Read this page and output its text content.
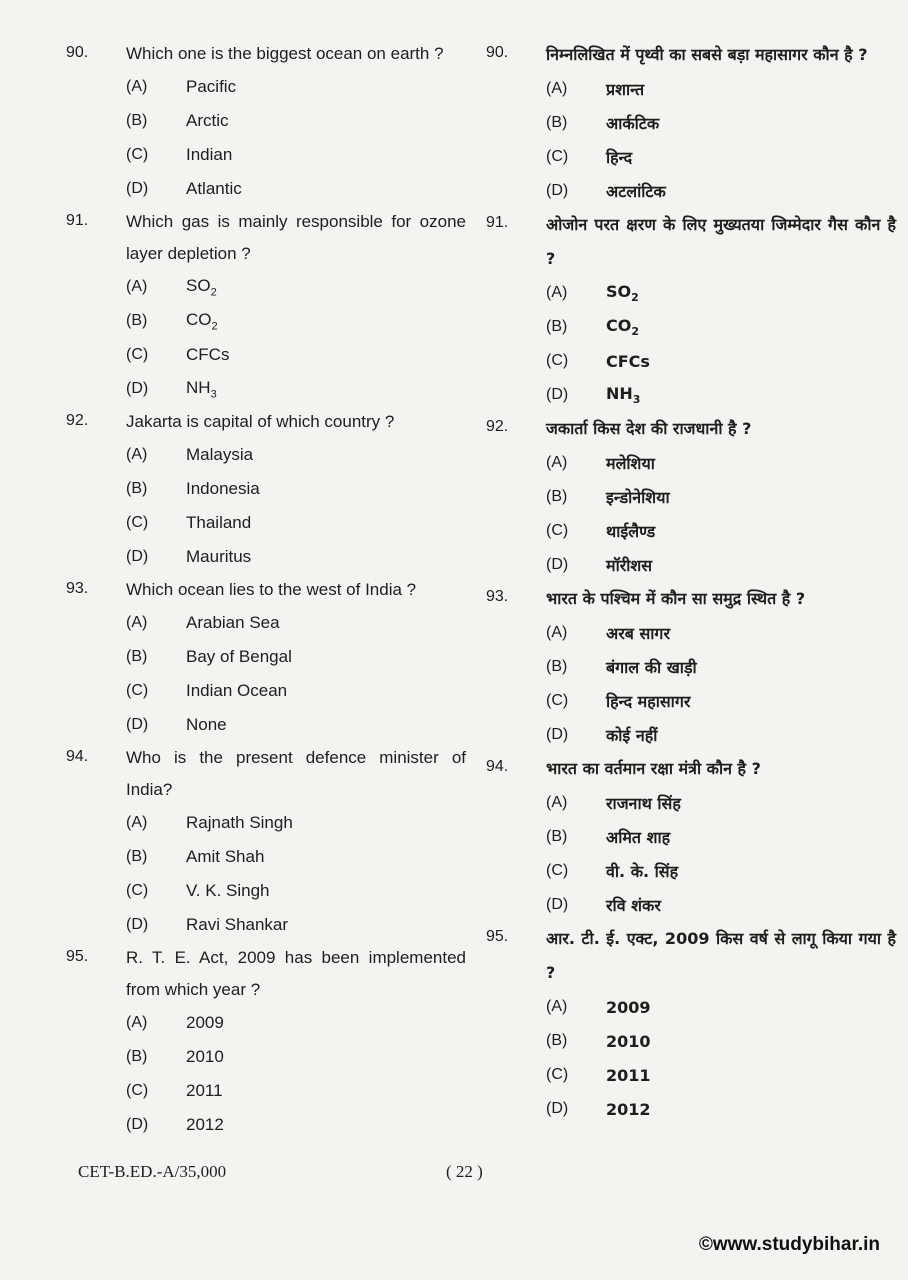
90.	Which one is the biggest ocean on earth ?
(A)	Pacific
(B)	Arctic
(C)	Indian
(D)	Atlantic
91.	Which gas is mainly responsible for ozone layer depletion ?
(A)	$SO_2$
(B)	$CO_2$
(C)	CFCs
(D)	$NH_3$
92.	Jakarta is capital of which country ?
(A)	Malaysia
(B)	Indonesia
(C)	Thailand
(D)	Mauritus
93.	Which ocean lies to the west of India ?
(A)	Arabian Sea
(B)	Bay of Bengal
(C)	Indian Ocean
(D)	None
94.	Who is the present defence minister of India?
(A)	Rajnath Singh
(B)	Amit Shah
(C)	V. K. Singh
(D)	Ravi Shankar
95.	R. T. E. Act, 2009 has been implemented from which year ?
(A)	2009
(B)	2010
(C)	2011
(D)	2012
90.	निम्नलिखित में पृथ्वी का सबसे बड़ा महासागर कौन है ?
(A)	प्रशान्त
(B)	आर्कटिक
(C)	हिन्द
(D)	अटलांटिक
91.	ओजोन परत क्षरण के लिए मुख्यतया जिम्मेदार गैस कौन है ?
(A)	$SO_2$
(B)	$CO_2$
(C)	CFCs
(D)	$NH_3$
92.	जकार्ता किस देश की राजधानी है ?
(A)	मलेशिया
(B)	इन्डोनेशिया
(C)	थाईलैण्ड
(D)	मॉरीशस
93.	भारत के पश्चिम में कौन सा समुद्र स्थित है ?
(A)	अरब सागर
(B)	बंगाल की खाड़ी
(C)	हिन्द महासागर
(D)	कोई नहीं
94.	भारत का वर्तमान रक्षा मंत्री कौन है ?
(A)	राजनाथ सिंह
(B)	अमित शाह
(C)	वी. के. सिंह
(D)	रवि शंकर
95.	आर. टी. ई. एक्ट, 2009 किस वर्ष से लागू किया गया है ?
(A)	2009
(B)	2010
(C)	2011
(D)	2012
CET-B.ED.-A/35,000	( 22 )
©www.studybihar.in
